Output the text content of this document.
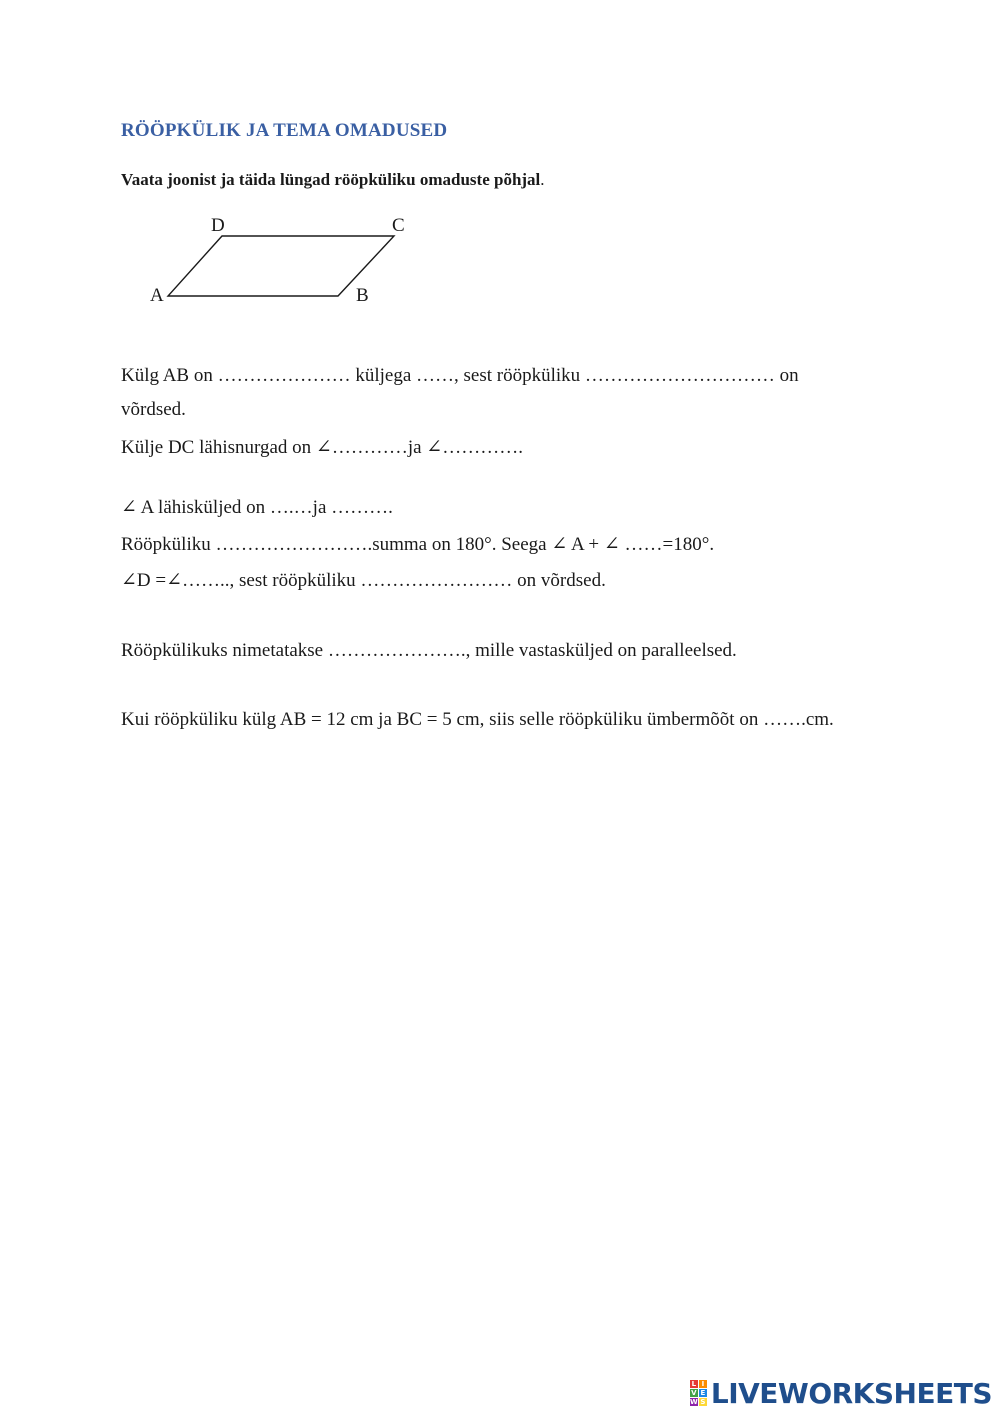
RÖÖPKÜLIK JA TEMA OMADUSED
Vaata joonist ja täida lüngad rööpküliku omaduste põhjal.
A	B
C
D
Külg AB on ………………… küljega ……, sest rööpküliku ………………………… on
võrdsed.
Külje DC lähisnurgad on ∠…………ja ∠………….
∠ A lähisküljed on ….…ja ……….
Rööpküliku …………………….summa on 180°. Seega ∠ A + ∠ ……=180°.
∠D =∠…….., sest rööpküliku …………………… on võrdsed.
Rööpkülikuks nimetatakse …………………., mille vastasküljed on paralleelsed.
Kui rööpküliku külg AB = 12 cm ja BC = 5 cm, siis selle rööpküliku ümbermõõt on …….cm.
L I
V E
W S LIVEWORKSHEETS
